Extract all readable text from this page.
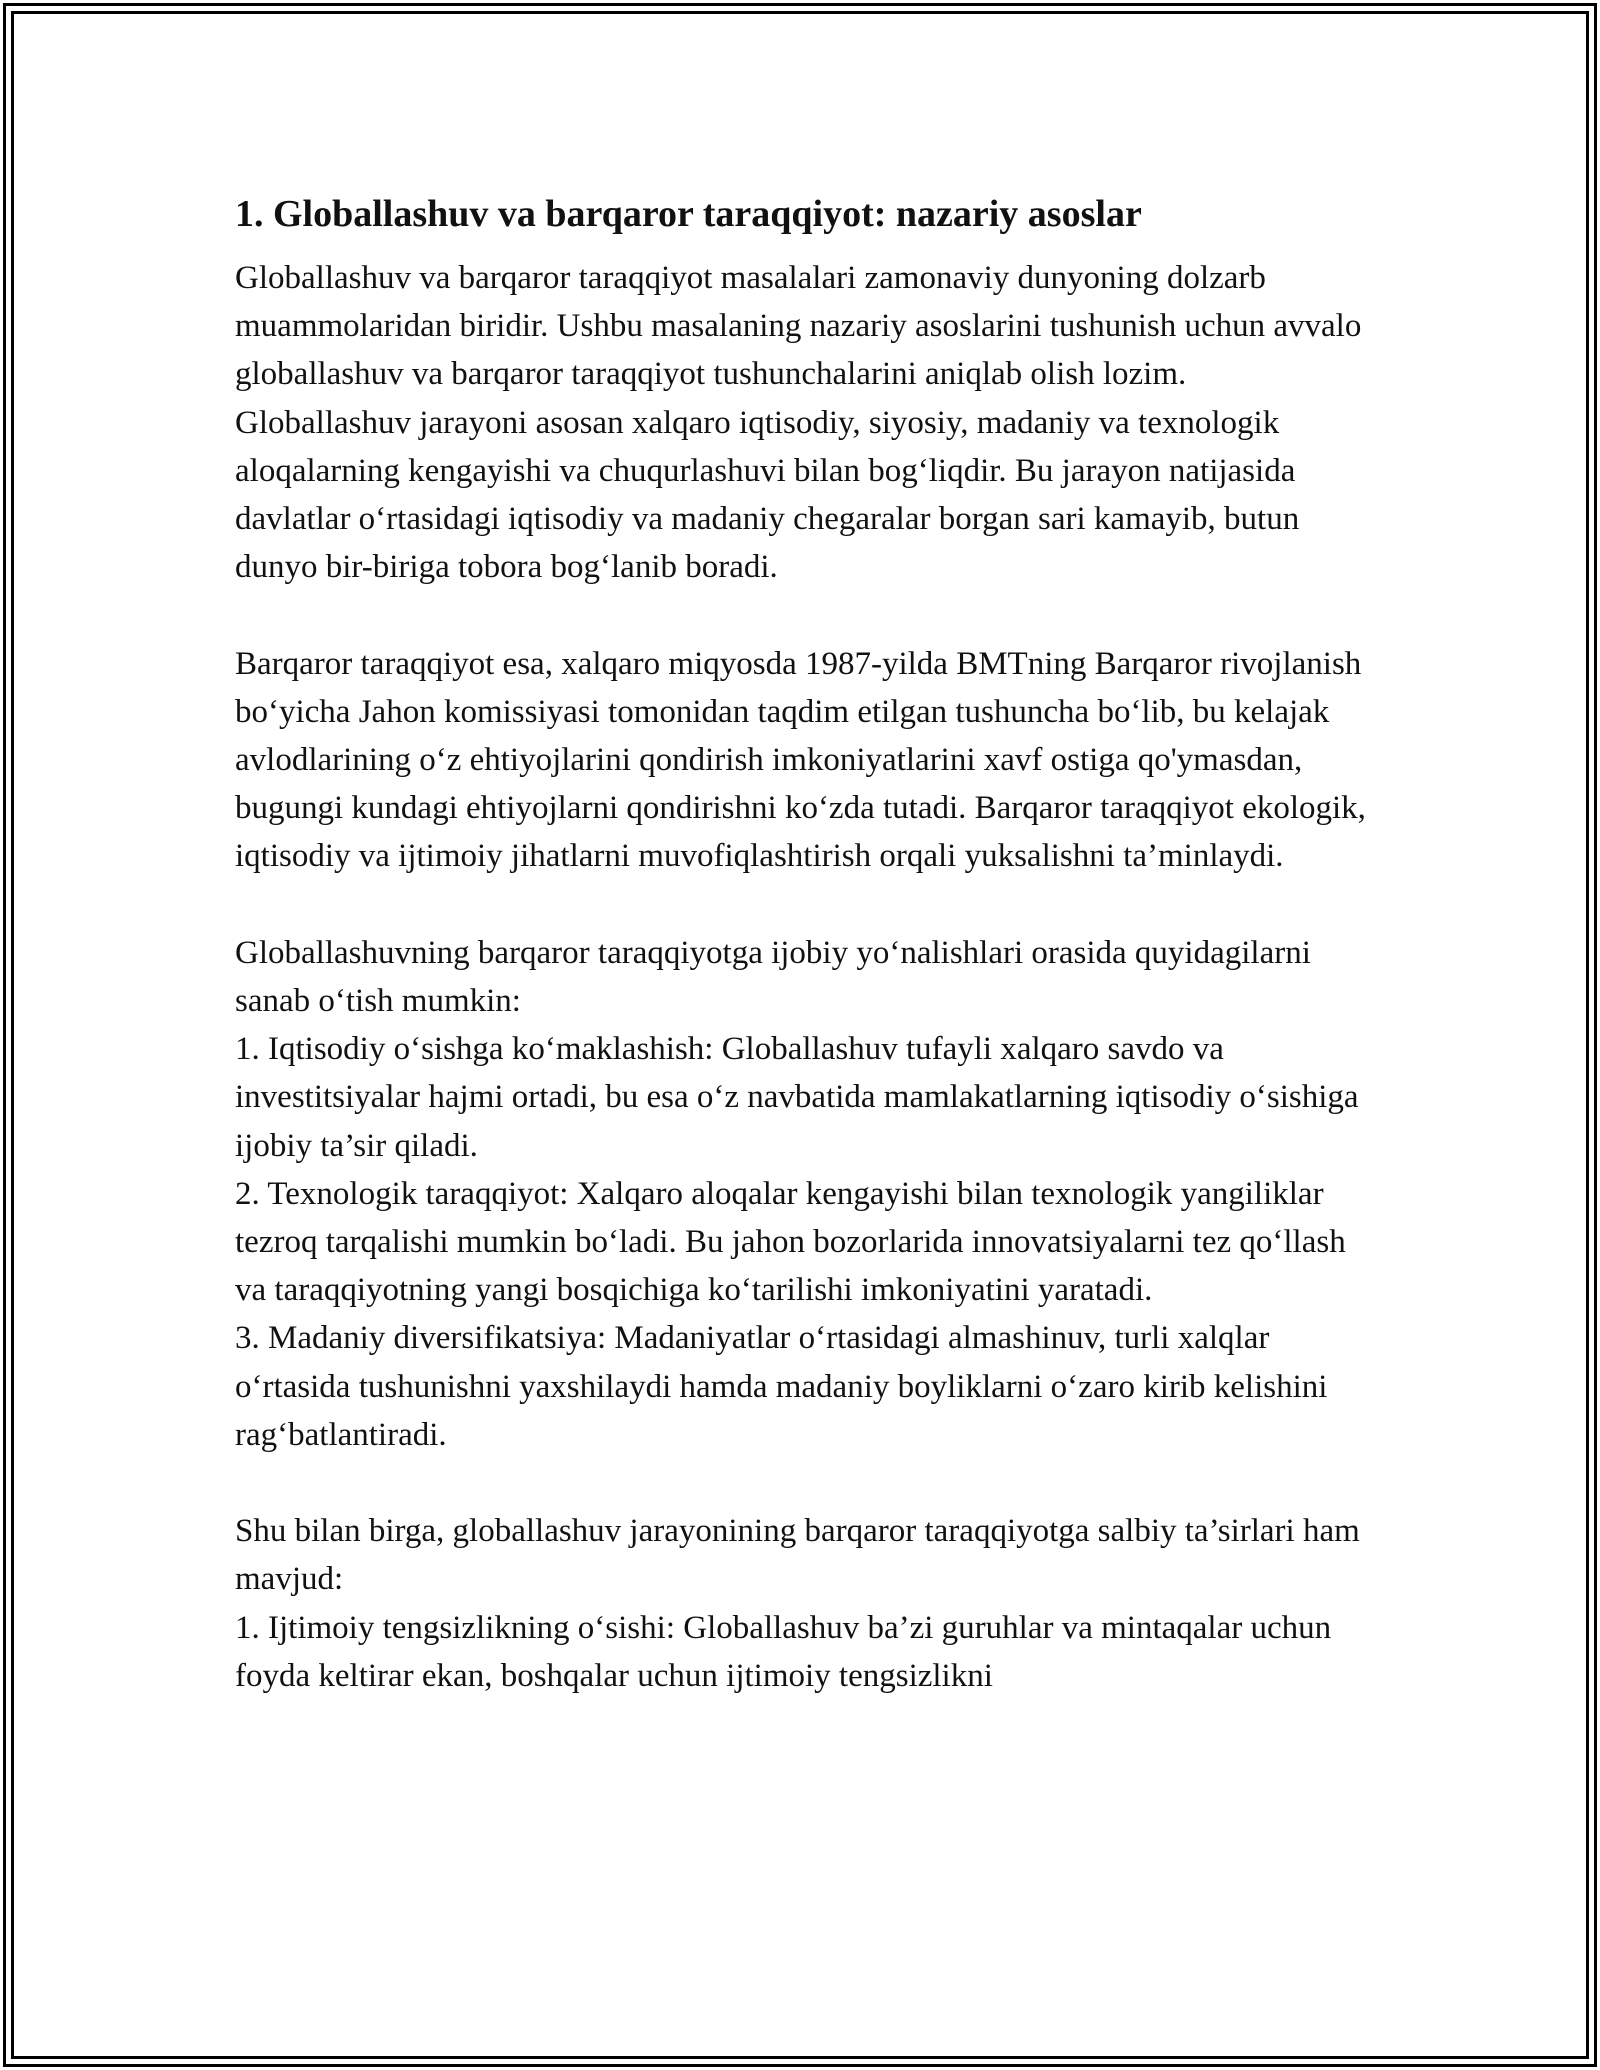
1. Globallashuv va barqaror taraqqiyot: nazariy asoslar

Globallashuv va barqaror taraqqiyot masalalari zamonaviy dunyoning dolzarb muammolaridan biridir. Ushbu masalaning nazariy asoslarini tushunish uchun avvalo globallashuv va barqaror taraqqiyot tushunchalarini aniqlab olish lozim. Globallashuv jarayoni asosan xalqaro iqtisodiy, siyosiy, madaniy va texnologik aloqalarning kengayishi va chuqurlashuvi bilan bog‘liqdir. Bu jarayon natijasida davlatlar o‘rtasidagi iqtisodiy va madaniy chegaralar borgan sari kamayib, butun dunyo bir-biriga tobora bog‘lanib boradi.

Barqaror taraqqiyot esa, xalqaro miqyosda 1987-yilda BMTning Barqaror rivojlanish bo‘yicha Jahon komissiyasi tomonidan taqdim etilgan tushuncha bo‘lib, bu kelajak avlodlarining o‘z ehtiyojlarini qondirish imkoniyatlarini xavf ostiga qo'ymasdan, bugungi kundagi ehtiyojlarni qondirishni ko‘zda tutadi. Barqaror taraqqiyot ekologik, iqtisodiy va ijtimoiy jihatlarni muvofiqlashtirish orqali yuksalishni ta’minlaydi.

Globallashuvning barqaror taraqqiyotga ijobiy yo‘nalishlari orasida quyidagilarni sanab o‘tish mumkin:

1. Iqtisodiy o‘sishga ko‘maklashish: Globallashuv tufayli xalqaro savdo va investitsiyalar hajmi ortadi, bu esa o‘z navbatida mamlakatlarning iqtisodiy o‘sishiga ijobiy ta’sir qiladi.

2. Texnologik taraqqiyot: Xalqaro aloqalar kengayishi bilan texnologik yangiliklar tezroq tarqalishi mumkin bo‘ladi. Bu jahon bozorlarida innovatsiyalarni tez qo‘llash va taraqqiyotning yangi bosqichiga ko‘tarilishi imkoniyatini yaratadi.

3. Madaniy diversifikatsiya: Madaniyatlar o‘rtasidagi almashinuv, turli xalqlar o‘rtasida tushunishni yaxshilaydi hamda madaniy boyliklarni o‘zaro kirib kelishini rag‘batlantiradi.

Shu bilan birga, globallashuv jarayonining barqaror taraqqiyotga salbiy ta’sirlari ham mavjud:

1. Ijtimoiy tengsizlikning o‘sishi: Globallashuv ba’zi guruhlar va mintaqalar uchun foyda keltirar ekan, boshqalar uchun ijtimoiy tengsizlikni
